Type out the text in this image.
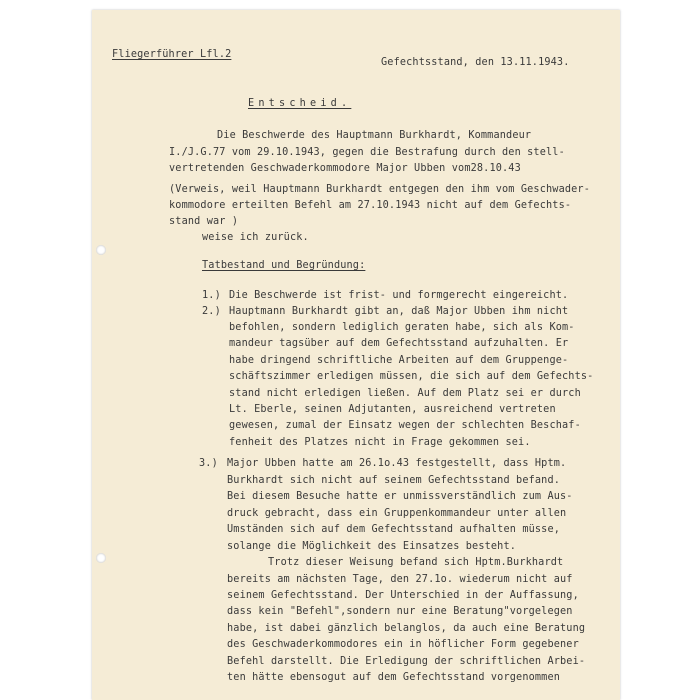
Fliegerführer Lfl.2
Gefechtsstand, den 13.11.1943.
Entscheid.
Die Beschwerde des Hauptmann Burkhardt, Kommandeur
I./J.G.77 vom 29.10.1943, gegen die Bestrafung durch den stell-
vertretenden Geschwaderkommodore Major Ubben vom28.10.43
(Verweis, weil Hauptmann Burkhardt entgegen den ihm vom Geschwader-
kommodore erteilten Befehl am 27.10.1943 nicht auf dem Gefechts-
stand war )
weise ich zurück.
Tatbestand und Begründung:
1.) Die Beschwerde ist frist- und formgerecht eingereicht.
2.) Hauptmann Burkhardt gibt an, daß Major Ubben ihm nicht
befohlen, sondern lediglich geraten habe, sich als Kom-
mandeur tagsüber auf dem Gefechtsstand aufzuhalten. Er
habe dringend schriftliche Arbeiten auf dem Gruppenge-
schäftszimmer erledigen müssen, die sich auf dem Gefechts-
stand nicht erledigen ließen. Auf dem Platz sei er durch
Lt. Eberle, seinen Adjutanten, ausreichend vertreten
gewesen, zumal der Einsatz wegen der schlechten Beschaf-
fenheit des Platzes nicht in Frage gekommen sei.
3.) Major Ubben hatte am 26.1o.43 festgestellt, dass Hptm.
Burkhardt sich nicht auf seinem Gefechtsstand befand.
Bei diesem Besuche hatte er unmissverständlich zum Aus-
druck gebracht, dass ein Gruppenkommandeur unter allen
Umständen sich auf dem Gefechtsstand aufhalten müsse,
solange die Möglichkeit des Einsatzes besteht.
Trotz dieser Weisung befand sich Hptm.Burkhardt
bereits am nächsten Tage, den 27.1o. wiederum nicht auf
seinem Gefechtsstand. Der Unterschied in der Auffassung,
dass kein "Befehl",sondern nur eine Beratung"vorgelegen
habe, ist dabei gänzlich belanglos, da auch eine Beratung
des Geschwaderkommodores ein in höflicher Form gegebener
Befehl darstellt. Die Erledigung der schriftlichen Arbei-
ten hätte ebensogut auf dem Gefechtsstand vorgenommen
